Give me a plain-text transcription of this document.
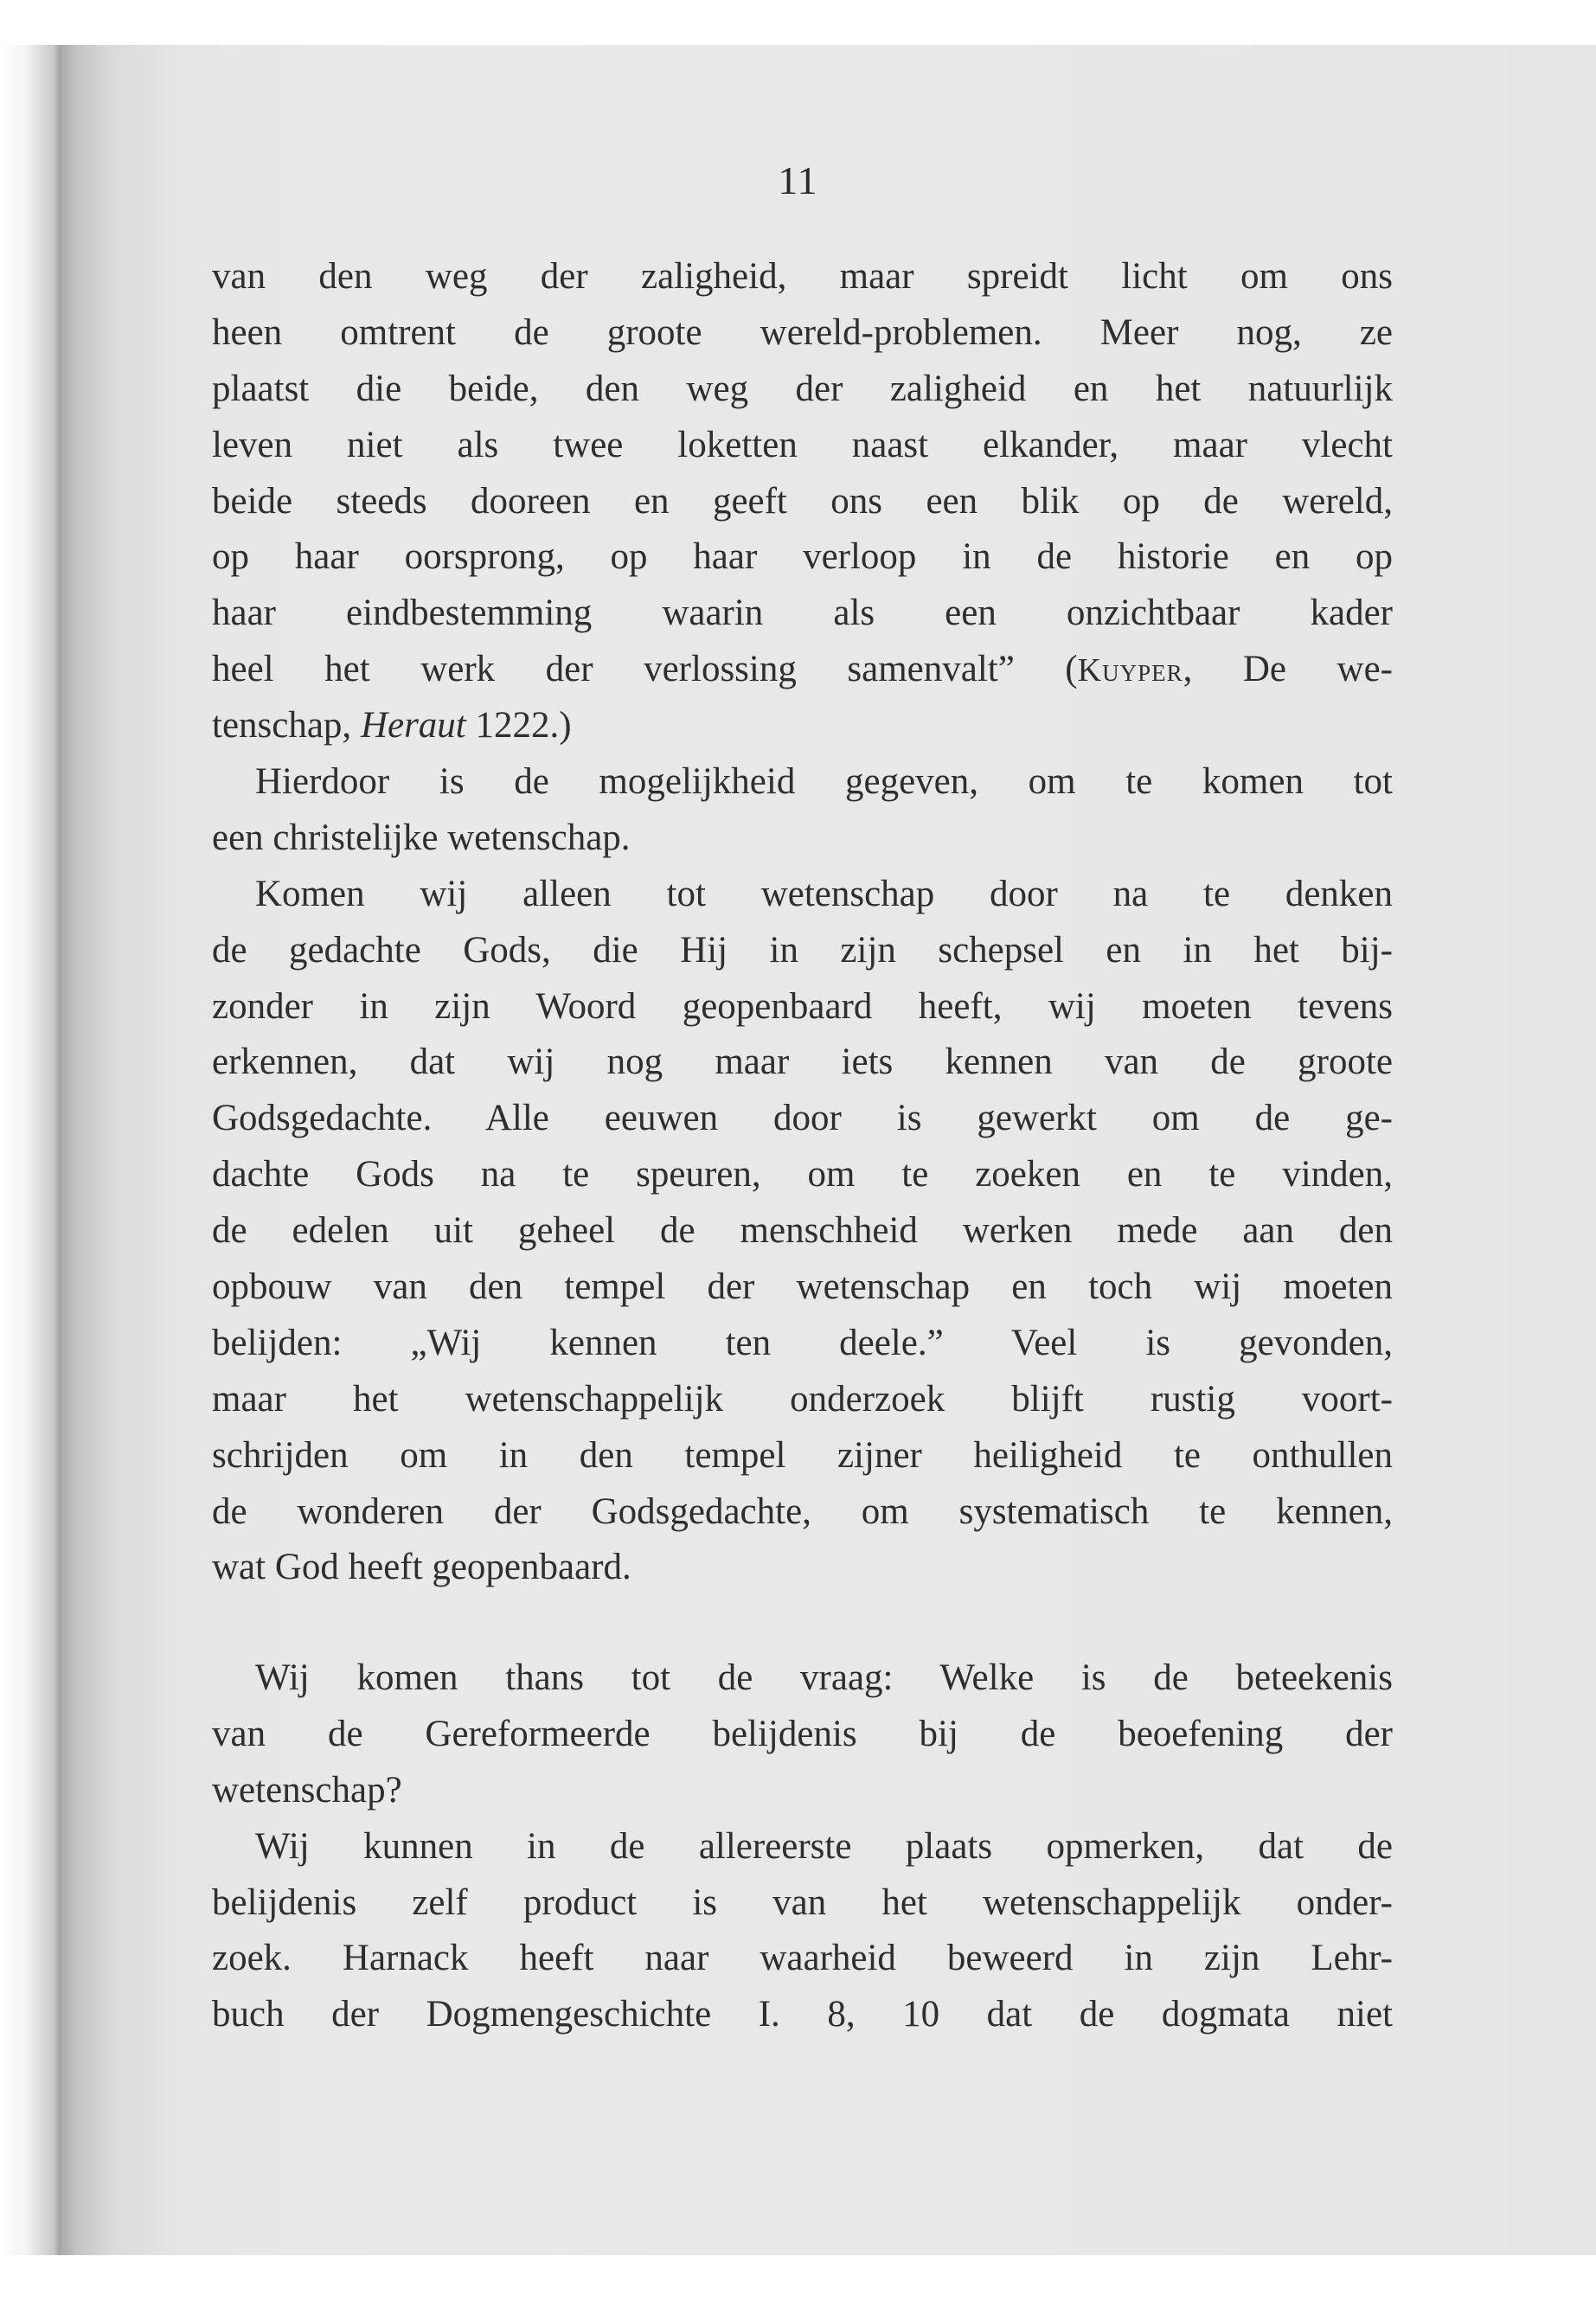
11
van den weg der zaligheid, maar spreidt licht om ons
heen omtrent de groote wereld-problemen. Meer nog, ze
plaatst die beide, den weg der zaligheid en het natuurlijk
leven niet als twee loketten naast elkander, maar vlecht
beide steeds dooreen en geeft ons een blik op de wereld,
op haar oorsprong, op haar verloop in de historie en op
haar eindbestemming waarin als een onzichtbaar kader
heel het werk der verlossing samenvalt” (Kuyper, De we-
tenschap, Heraut 1222.)
Hierdoor is de mogelijkheid gegeven, om te komen tot
een christelijke wetenschap.
Komen wij alleen tot wetenschap door na te denken
de gedachte Gods, die Hij in zijn schepsel en in het bij-
zonder in zijn Woord geopenbaard heeft, wij moeten tevens
erkennen, dat wij nog maar iets kennen van de groote
Godsgedachte. Alle eeuwen door is gewerkt om de ge-
dachte Gods na te speuren, om te zoeken en te vinden,
de edelen uit geheel de menschheid werken mede aan den
opbouw van den tempel der wetenschap en toch wij moeten
belijden: „Wij kennen ten deele.” Veel is gevonden,
maar het wetenschappelijk onderzoek blijft rustig voort-
schrijden om in den tempel zijner heiligheid te onthullen
de wonderen der Godsgedachte, om systematisch te kennen,
wat God heeft geopenbaard.
Wij komen thans tot de vraag: Welke is de beteekenis
van de Gereformeerde belijdenis bij de beoefening der
wetenschap?
Wij kunnen in de allereerste plaats opmerken, dat de
belijdenis zelf product is van het wetenschappelijk onder-
zoek. Harnack heeft naar waarheid beweerd in zijn Lehr-
buch der Dogmengeschichte I. 8, 10 dat de dogmata niet
